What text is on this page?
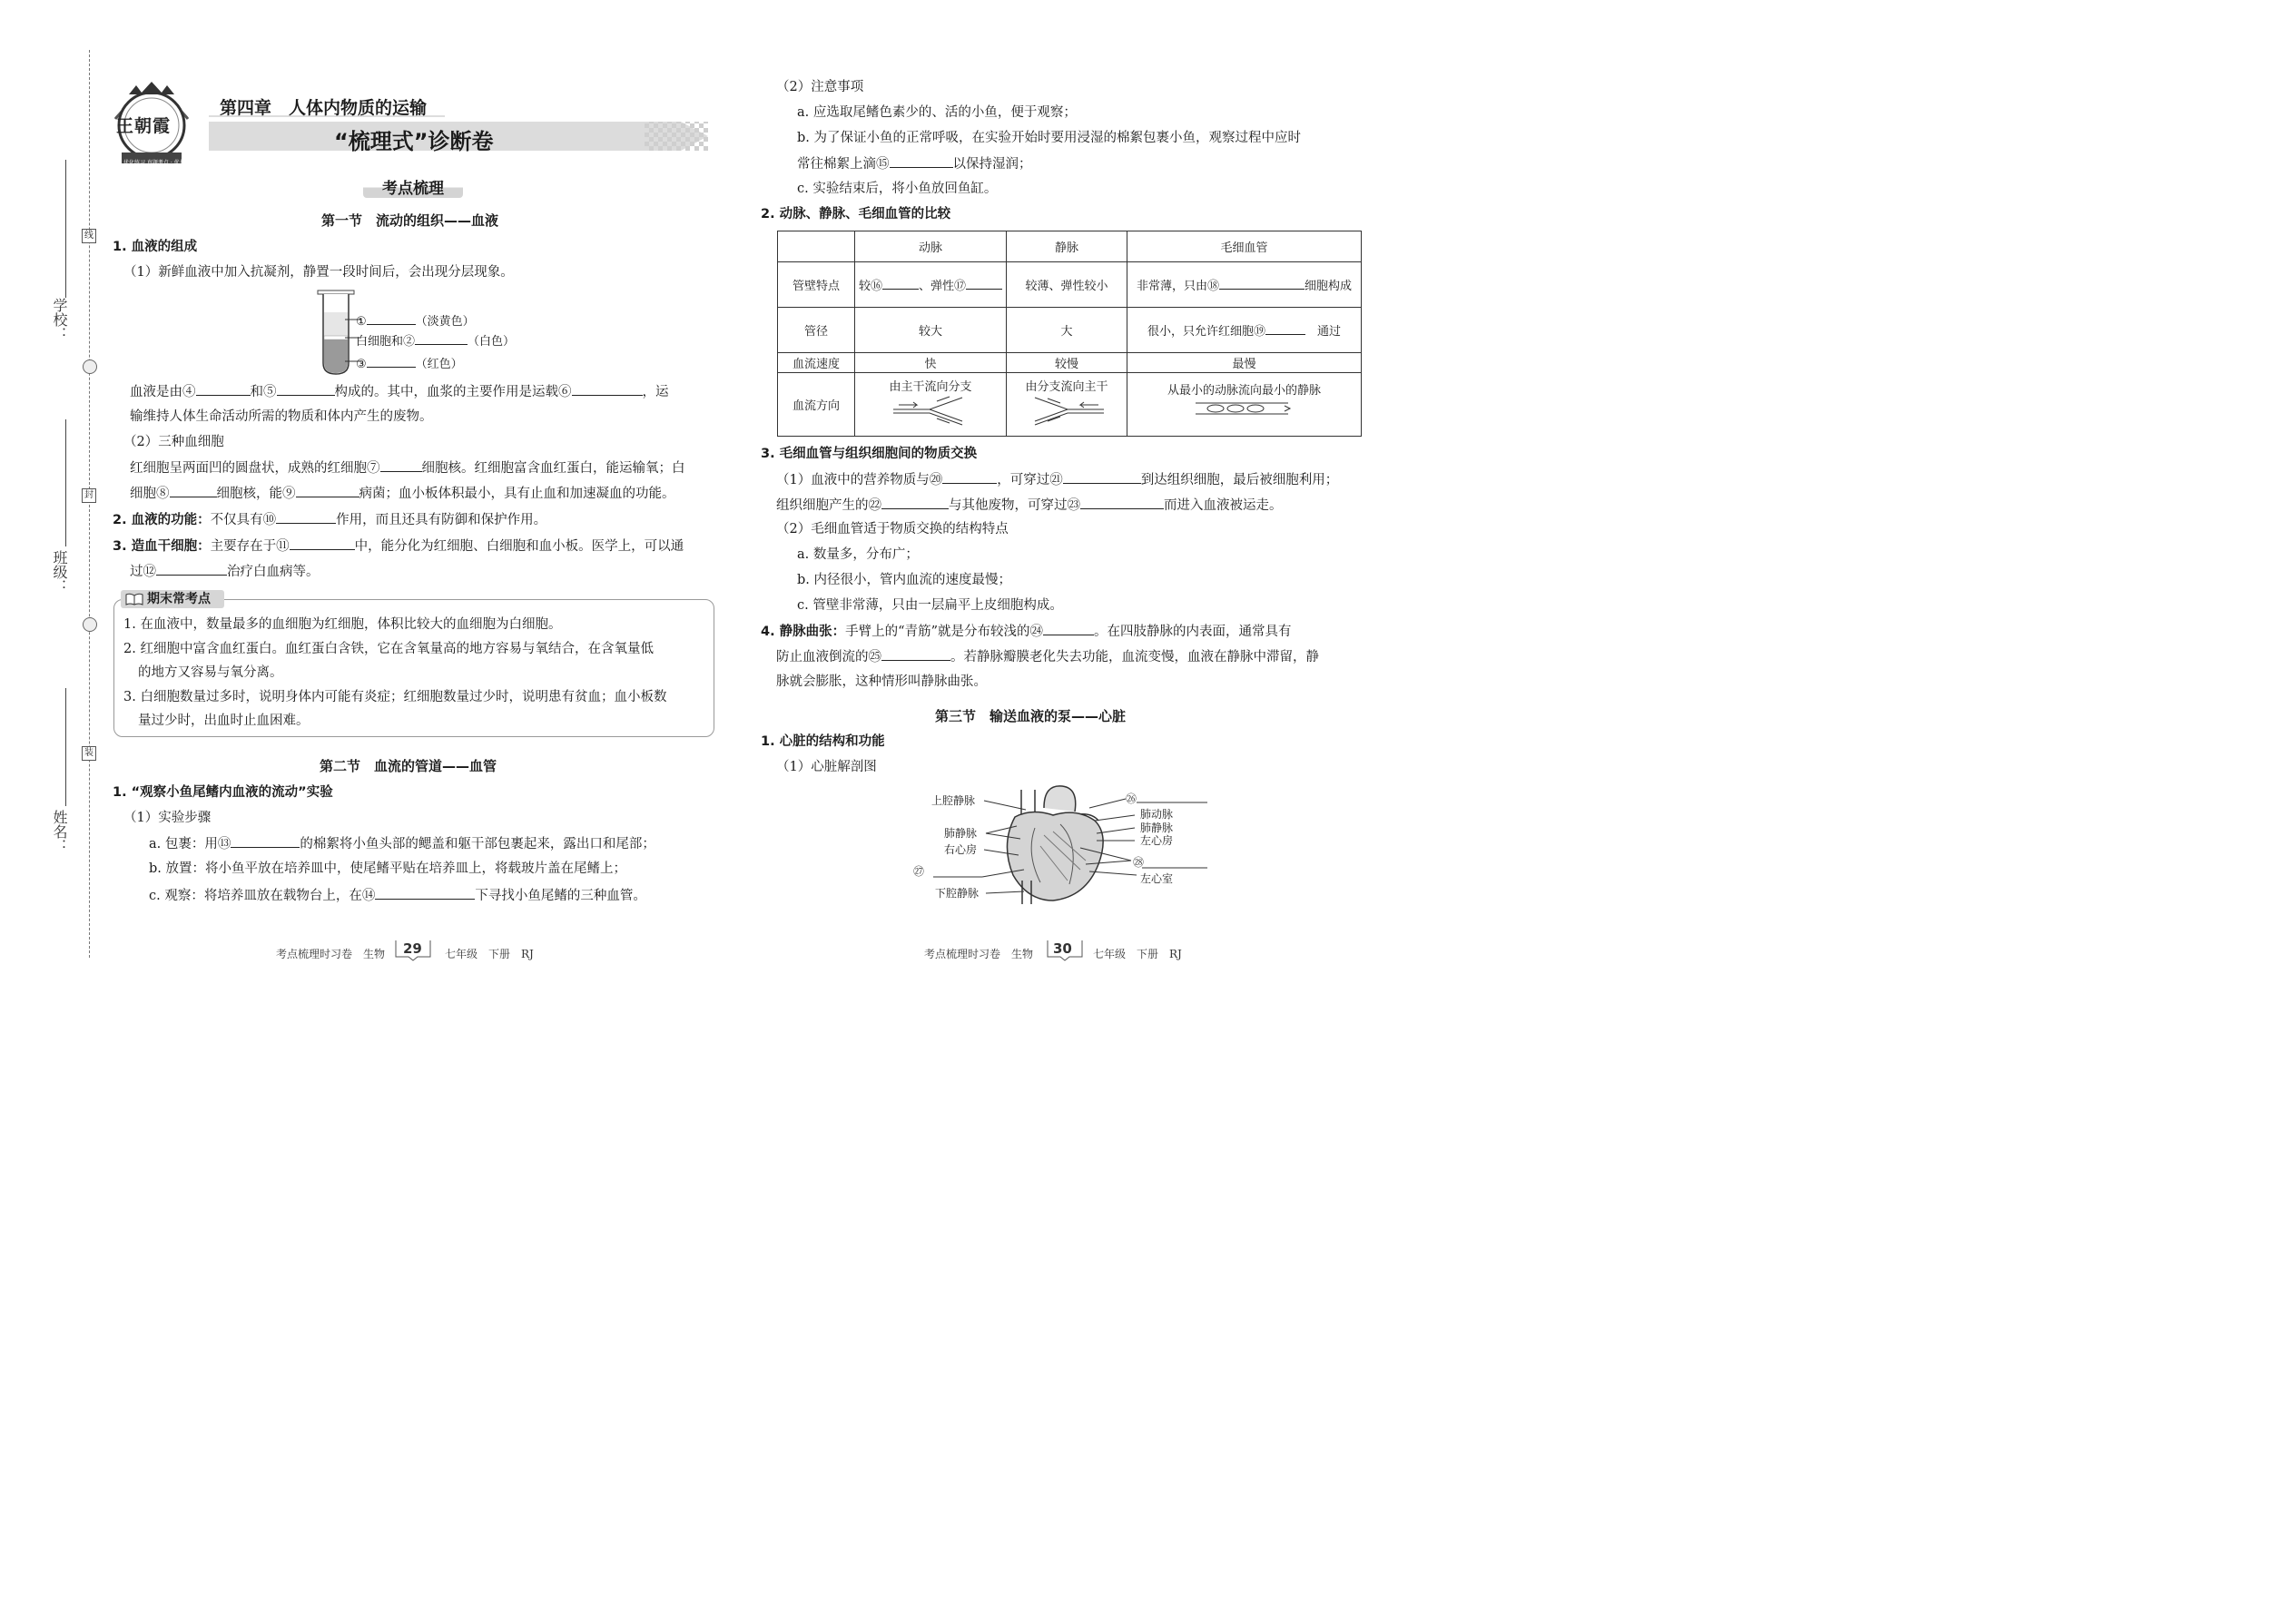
线
封
装
学校：
班级：
姓名：
王朝霞
优化练习 真题考点 · 优长练上 · 勤光满天
第四章　人体内物质的运输
“梳理式”诊断卷
考点梳理
第一节　流动的组织——血液
1. 血液的组成
（1）新鲜血液中加入抗凝剂，静置一段时间后，会出现分层现象。
①	（淡黄色）
白细胞和②	（白色）
③	（红色）
血液是由④	和⑤	构成的。其中，血浆的主要作用是运载⑥	，运
输维持人体生命活动所需的物质和体内产生的废物。
（2）三种血细胞
红细胞呈两面凹的圆盘状，成熟的红细胞⑦	细胞核。红细胞富含血红蛋白，能运输氧；白
细胞⑧	细胞核，能⑨	病菌；血小板体积最小，具有止血和加速凝血的功能。
2. 血液的功能：不仅具有⑩	作用，而且还具有防御和保护作用。
3. 造血干细胞：主要存在于⑪	中，能分化为红细胞、白细胞和血小板。医学上，可以通
过⑫	治疗白血病等。
期末常考点
1. 在血液中，数量最多的血细胞为红细胞，体积比较大的血细胞为白细胞。
2. 红细胞中富含血红蛋白。血红蛋白含铁，它在含氧量高的地方容易与氧结合，在含氧量低
的地方又容易与氧分离。
3. 白细胞数量过多时，说明身体内可能有炎症；红细胞数量过少时，说明患有贫血；血小板数
量过少时，出血时止血困难。
第二节　血流的管道——血管
1. “观察小鱼尾鳍内血液的流动”实验
（1）实验步骤
a. 包裹：用⑬	的棉絮将小鱼头部的鳃盖和躯干部包裹起来，露出口和尾部；
b. 放置：将小鱼平放在培养皿中，使尾鳍平贴在培养皿上，将载玻片盖在尾鳍上；
c. 观察：将培养皿放在载物台上，在⑭	下寻找小鱼尾鳍的三种血管。
考点梳理时习卷　生物 29 七年级　下册　RJ
（2）注意事项
a. 应选取尾鳍色素少的、活的小鱼，便于观察；
b. 为了保证小鱼的正常呼吸，在实验开始时要用浸湿的棉絮包裹小鱼，观察过程中应时
常往棉絮上滴⑮	以保持湿润；
c. 实验结束后，将小鱼放回鱼缸。
2. 动脉、静脉、毛细血管的比较
	动脉	静脉	毛细血管
管壁特点	较⑯ 、弹性⑰	较薄、弹性较小	非常薄，只由⑱ 细胞构成
管径	较大	大	很小，只允许红细胞⑲　 通过
血流速度	快	较慢	最慢
血流方向	由主干流向分支	由分支流向主干	从最小的动脉流向最小的静脉
3. 毛细血管与组织细胞间的物质交换
（1）血液中的营养物质与⑳	，可穿过㉑	到达组织细胞，最后被细胞利用；
组织细胞产生的㉒	与其他废物，可穿过㉓	而进入血液被运走。
（2）毛细血管适于物质交换的结构特点
a. 数量多，分布广；
b. 内径很小，管内血流的速度最慢；
c. 管壁非常薄，只由一层扁平上皮细胞构成。
4. 静脉曲张：手臂上的“青筋”就是分布较浅的㉔	。在四肢静脉的内表面，通常具有
防止血液倒流的㉕	。若静脉瓣膜老化失去功能，血流变慢，血液在静脉中滞留，静
脉就会膨胀，这种情形叫静脉曲张。
第三节　输送血液的泵——心脏
1. 心脏的结构和功能
（1）心脏解剖图
上腔静脉
肺静脉
右心房
㉗
下腔静脉
㉖
肺动脉
肺静脉
左心房
㉘
左心室
考点梳理时习卷　生物 30 七年级　下册　RJ
